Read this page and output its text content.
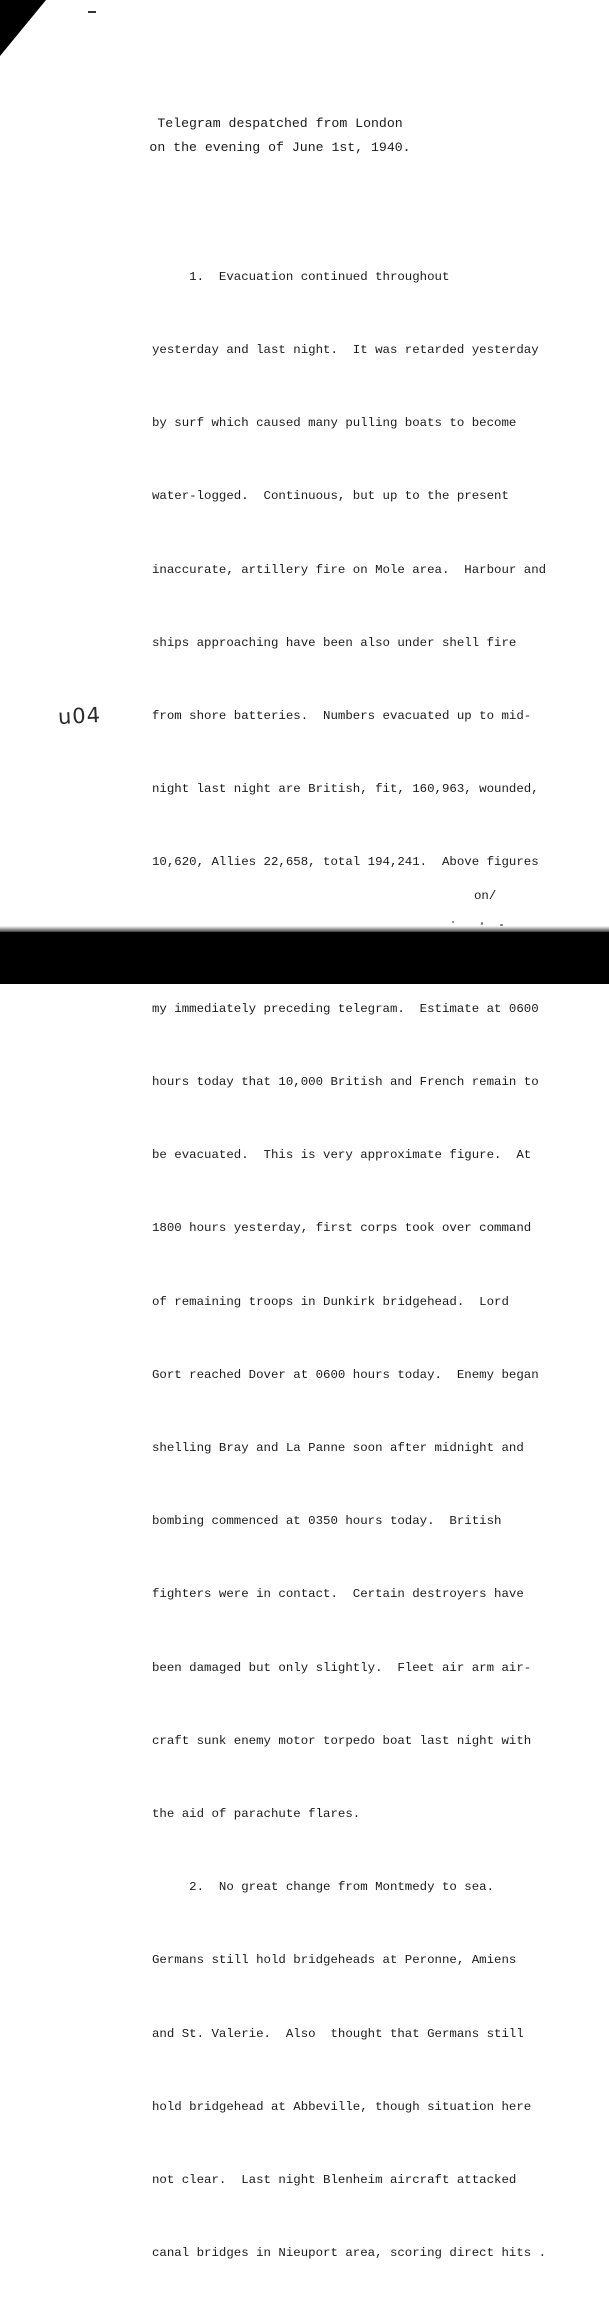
Telegram despatched from London
on the evening of June 1st, 1940.

1.  Evacuation continued throughout

yesterday and last night.  It was retarded yesterday

by surf which caused many pulling boats to become

water-logged.  Continuous, but up to the present

inaccurate, artillery fire on Mole area.  Harbour and

ships approaching have been also under shell fire

from shore batteries.  Numbers evacuated up to mid-

night last night are British, fit, 160,963, wounded,

10,620, Allies 22,658, total 194,241.  Above figures

my immediately preceding telegram.  Estimate at 0600

hours today that 10,000 British and French remain to

be evacuated.  This is very approximate figure.  At

1800 hours yesterday, first corps took over command

of remaining troops in Dunkirk bridgehead.  Lord

Gort reached Dover at 0600 hours today.  Enemy began

shelling Bray and La Panne soon after midnight and

bombing commenced at 0350 hours today.  British

fighters were in contact.  Certain destroyers have

been damaged but only slightly.  Fleet air arm air-

craft sunk enemy motor torpedo boat last night with

the aid of parachute flares.

2.  No great change from Montmedy to sea.

Germans still hold bridgeheads at Peronne, Amiens

and St. Valerie.  Also  thought that Germans still

hold bridgehead at Abbeville, though situation here

not clear.  Last night Blenheim aircraft attacked

canal bridges in Nieuport area, scoring direct hits .

on/
u04
